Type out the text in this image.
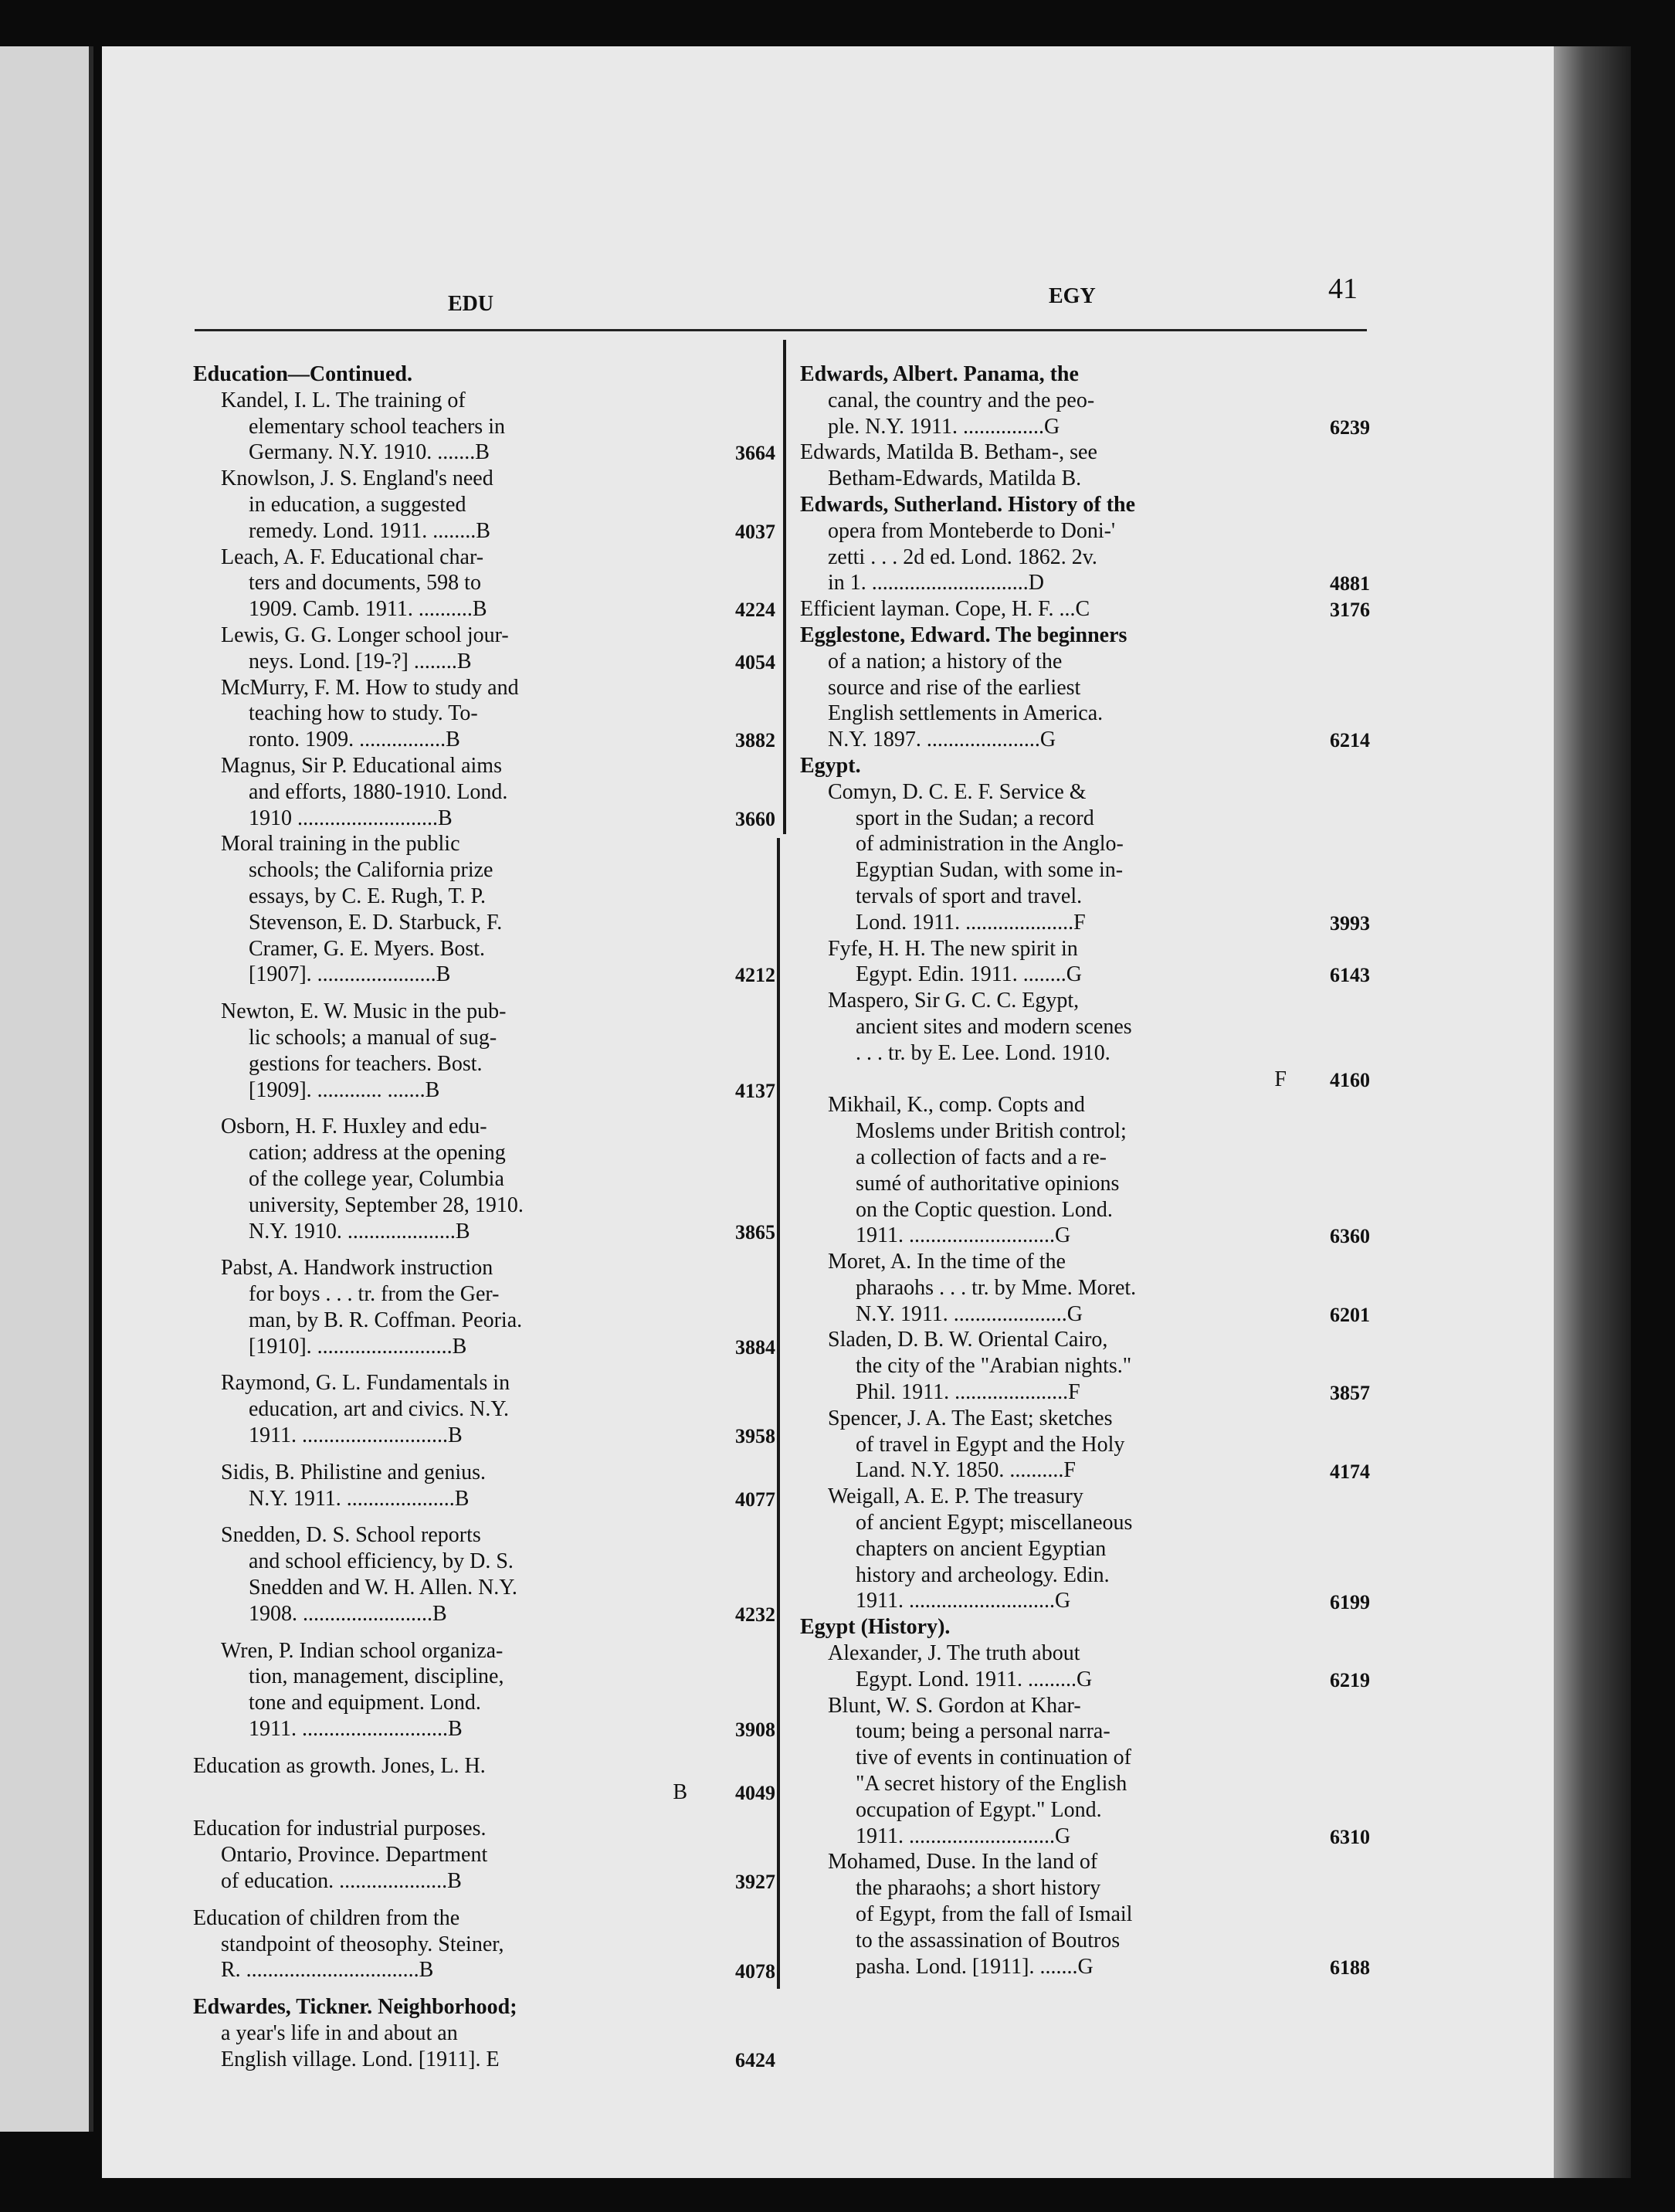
EDU	EGY	41
Education—Continued.
Kandel, I. L. The training of
elementary school teachers in
Germany. N.Y. 1910. .......B
Knowlson, J. S. England's need
in education, a suggested
remedy. Lond. 1911. ........B
Leach, A. F. Educational char-
ters and documents, 598 to
1909. Camb. 1911. ..........B
Lewis, G. G. Longer school jour-
neys. Lond. [19-?] ........B
McMurry, F. M. How to study and
teaching how to study. To-
ronto. 1909. ................B
Magnus, Sir P. Educational aims
and efforts, 1880-1910. Lond.
1910 ..........................B
Moral training in the public
schools; the California prize
essays, by C. E. Rugh, T. P.
Stevenson, E. D. Starbuck, F.
Cramer, G. E. Myers. Bost.
[1907]. ......................B
Newton, E. W. Music in the pub-
lic schools; a manual of sug-
gestions for teachers. Bost.
[1909]. ............ .......B
Osborn, H. F. Huxley and edu-
cation; address at the opening
of the college year, Columbia
university, September 28, 1910.
N.Y. 1910. ....................B
Pabst, A. Handwork instruction
for boys . . . tr. from the Ger-
man, by B. R. Coffman. Peoria.
[1910]. .........................B
Raymond, G. L. Fundamentals in
education, art and civics. N.Y.
1911. ...........................B
Sidis, B. Philistine and genius.
N.Y. 1911. ....................B
Snedden, D. S. School reports
and school efficiency, by D. S.
Snedden and W. H. Allen. N.Y.
1908. ........................B
Wren, P. Indian school organiza-
tion, management, discipline,
tone and equipment. Lond.
1911. ...........................B
Education as growth. Jones, L. H.
B
Education for industrial purposes.
Ontario, Province. Department
of education. ....................B
Education of children from the
standpoint of theosophy. Steiner,
R. ................................B
Edwardes, Tickner. Neighborhood;
a year's life in and about an
English village. Lond. [1911]. E
Edwards, Albert. Panama, the
canal, the country and the peo-
ple. N.Y. 1911. ...............G
Edwards, Matilda B. Betham-, see
Betham-Edwards, Matilda B.
Edwards, Sutherland. History of the
opera from Monteberde to Doni-'
zetti . . . 2d ed. Lond. 1862. 2v.
in 1. .............................D
Efficient layman. Cope, H. F. ...C
Egglestone, Edward. The beginners
of a nation; a history of the
source and rise of the earliest
English settlements in America.
N.Y. 1897. .....................G
Egypt.
Comyn, D. C. E. F. Service &
sport in the Sudan; a record
of administration in the Anglo-
Egyptian Sudan, with some in-
tervals of sport and travel.
Lond. 1911. ....................F
Fyfe, H. H. The new spirit in
Egypt. Edin. 1911. ........G
Maspero, Sir G. C. C. Egypt,
ancient sites and modern scenes
. . . tr. by E. Lee. Lond. 1910.
F
Mikhail, K., comp. Copts and
Moslems under British control;
a collection of facts and a re-
sumé of authoritative opinions
on the Coptic question. Lond.
1911. ...........................G
Moret, A. In the time of the
pharaohs . . . tr. by Mme. Moret.
N.Y. 1911. .....................G
Sladen, D. B. W. Oriental Cairo,
the city of the "Arabian nights."
Phil. 1911. .....................F
Spencer, J. A. The East; sketches
of travel in Egypt and the Holy
Land. N.Y. 1850. ..........F
Weigall, A. E. P. The treasury
of ancient Egypt; miscellaneous
chapters on ancient Egyptian
history and archeology. Edin.
1911. ...........................G
Egypt (History).
Alexander, J. The truth about
Egypt. Lond. 1911. .........G
Blunt, W. S. Gordon at Khar-
toum; being a personal narra-
tive of events in continuation of
"A secret history of the English
occupation of Egypt." Lond.
1911. ...........................G
Mohamed, Duse. In the land of
the pharaohs; a short history
of Egypt, from the fall of Ismail
to the assassination of Boutros
pasha. Lond. [1911]. .......G
3664
4037
4224
4054
3882
3660
4212
4137
3865
3884
3958
4077
4232
3908
4049
3927
4078
6424
6239
4881
3176
6214
3993
6143
4160
6360
6201
3857
4174
6199
6219
6310
6188
